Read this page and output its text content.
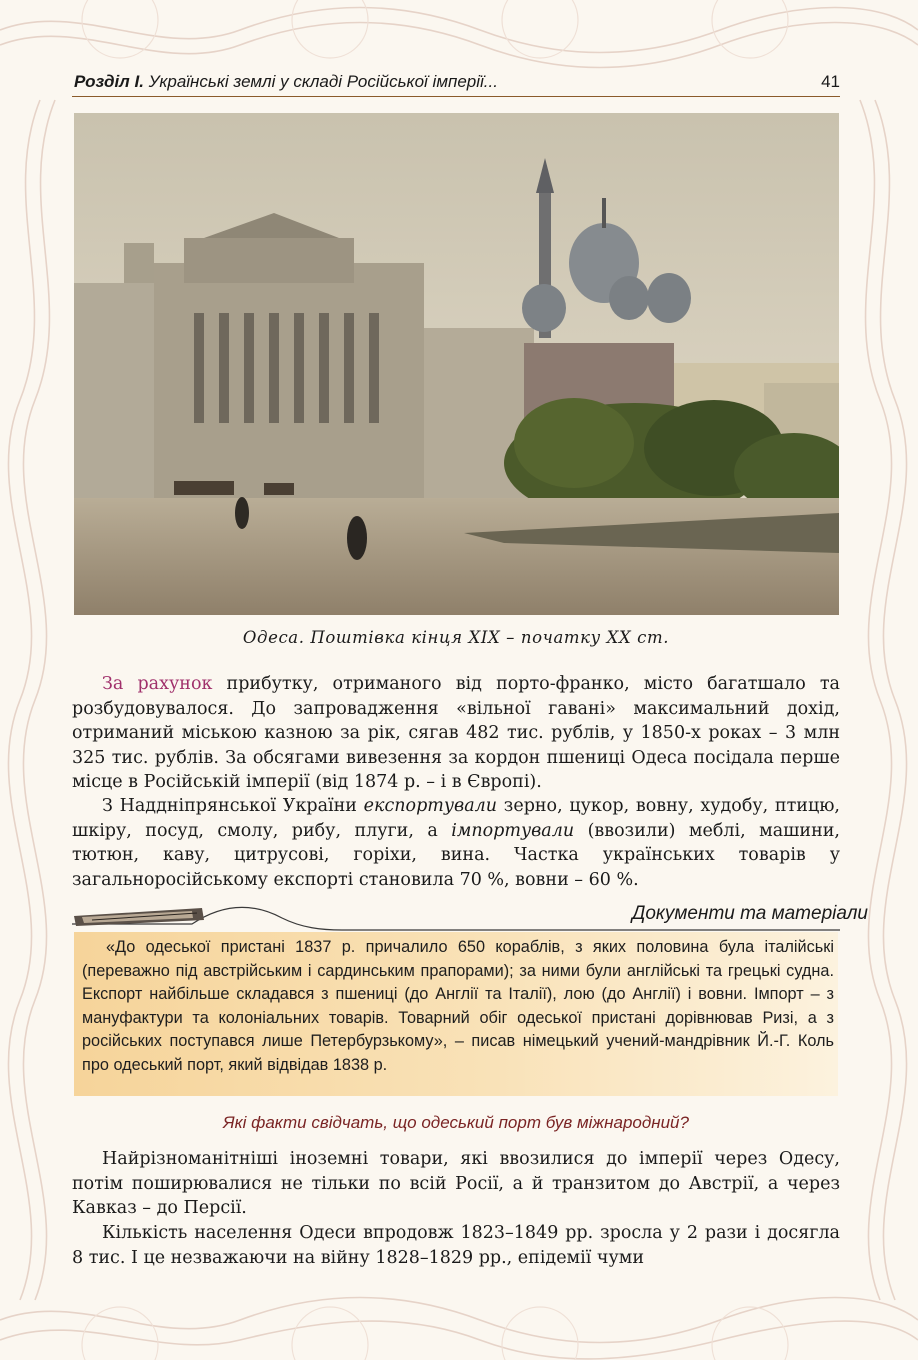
Розділ I. Українські землі у складі Російської імперії...	41
Одеса. Поштівка кінця XIX – початку XX ст.
За рахунок прибутку, отриманого від порто-франко, місто багатшало та розбудовувалося. До запровадження «вільної гавані» максимальний дохід, отриманий міською казною за рік, сягав 482 тис. рублів, у 1850-х роках – 3 млн 325 тис. рублів. За обсягами вивезення за кордон пшениці Одеса посідала перше місце в Російській імперії (від 1874 р. – і в Європі).
З Наддніпрянської України експортували зерно, цукор, вовну, худобу, птицю, шкіру, посуд, смолу, рибу, плуги, а імпортували (ввозили) меблі, машини, тютюн, каву, цитрусові, горіхи, вина. Частка українських товарів у загальноросійському експорті становила 70 %, вовни – 60 %.
Документи та матеріали
«До одеської пристані 1837 р. причалило 650 кораблів, з яких половина була італійські (переважно під австрійським і сардинським прапорами); за ними були англійські та грецькі судна. Експорт найбільше складався з пшениці (до Англії та Італії), лою (до Англії) і вовни. Імпорт – з мануфактури та колоніальних товарів. Товарний обіг одеської пристані дорівнював Ризі, а з російських поступався лише Петербурзькому», – писав німецький учений-мандрівник Й.-Г. Коль про одеський порт, який відвідав 1838 р.
Які факти свідчать, що одеський порт був міжнародний?
Найрізноманітніші іноземні товари, які ввозилися до імперії через Одесу, потім поширювалися не тільки по всій Росії, а й транзитом до Австрії, а через Кавказ – до Персії.
Кількість населення Одеси впродовж 1823–1849 рр. зросла у 2 рази і досягла 8 тис. І це незважаючи на війну 1828–1829 рр., епідемії чуми
